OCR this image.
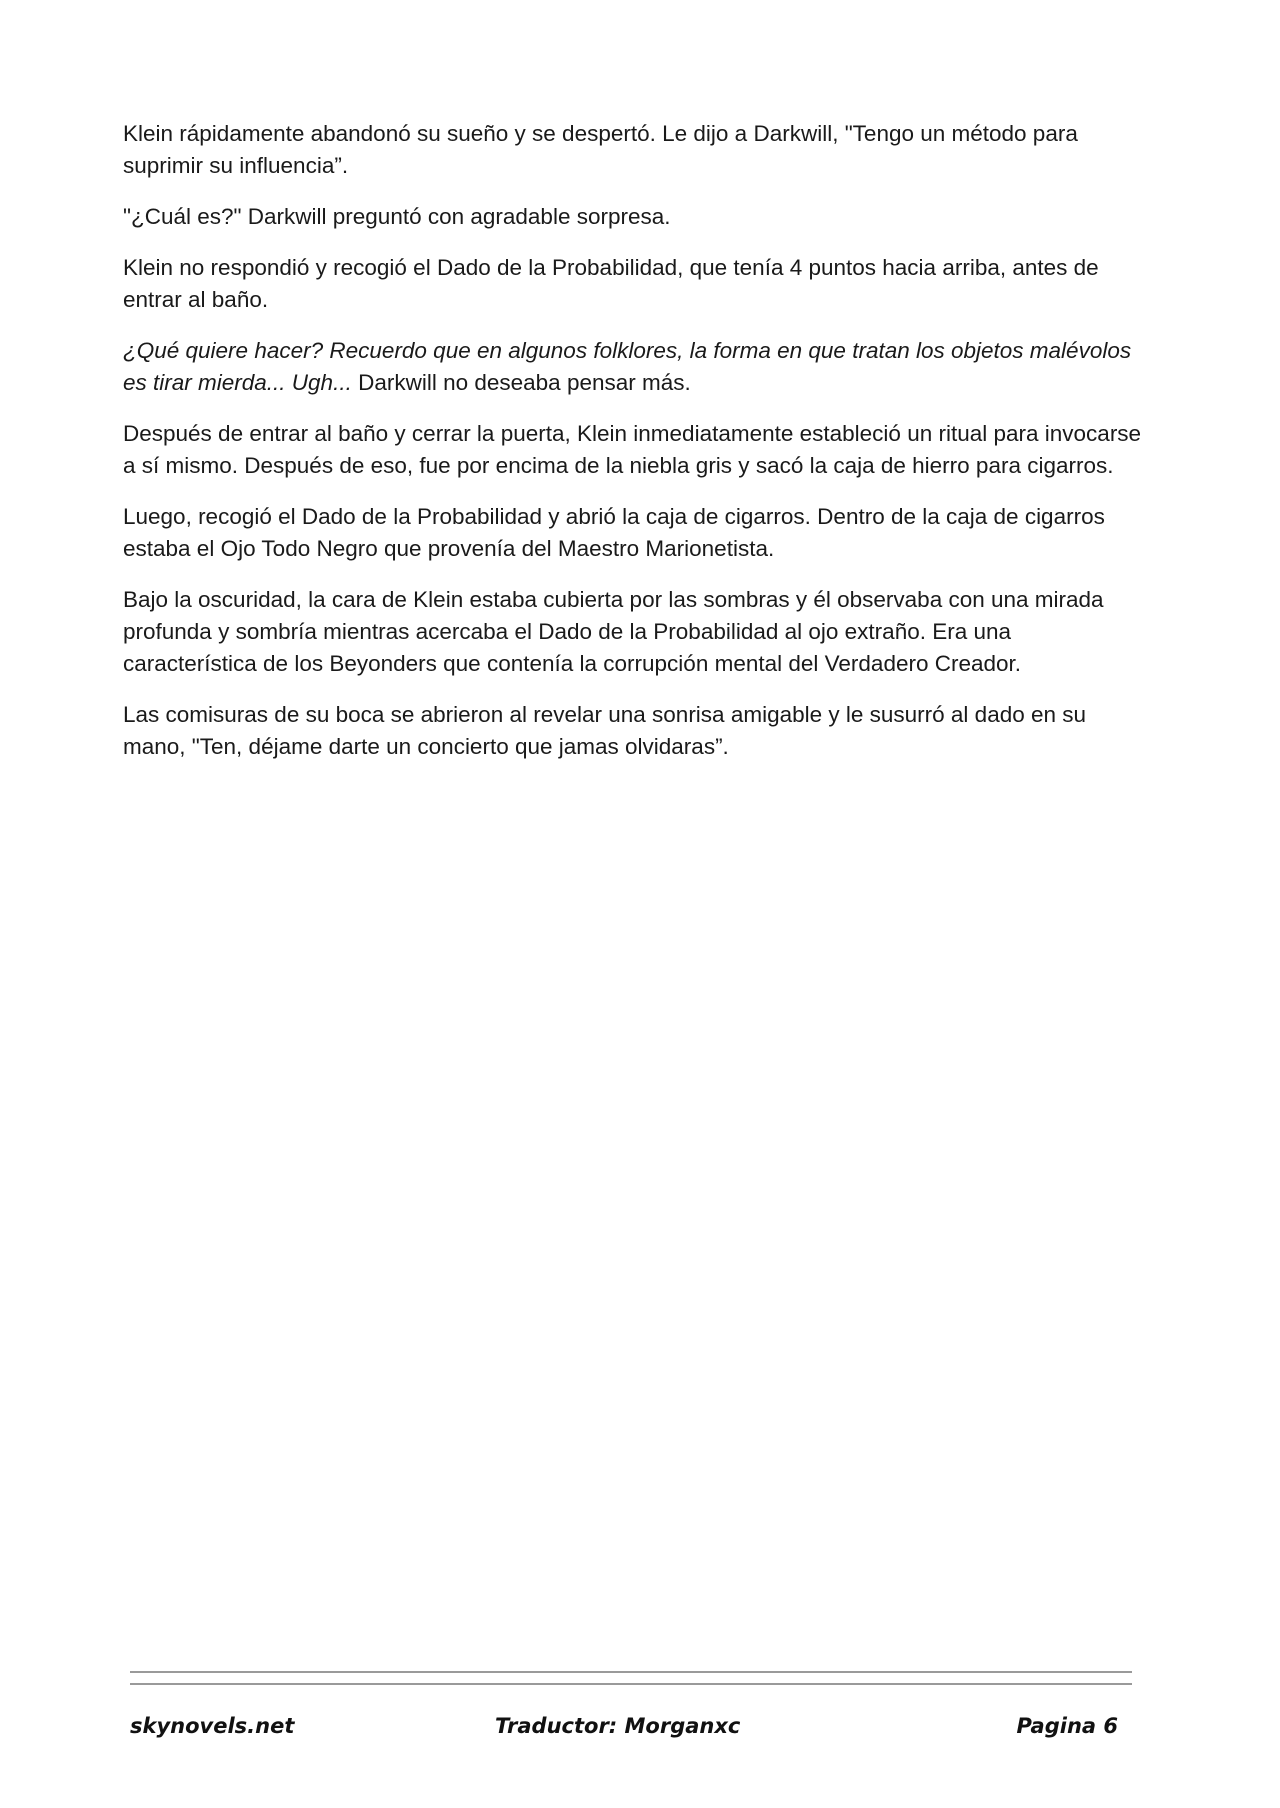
Klein rápidamente abandonó su sueño y se despertó. Le dijo a Darkwill, "Tengo un método para suprimir su influencia”.

"¿Cuál es?" Darkwill preguntó con agradable sorpresa.

Klein no respondió y recogió el Dado de la Probabilidad, que tenía 4 puntos hacia arriba, antes de entrar al baño.

¿Qué quiere hacer? Recuerdo que en algunos folklores, la forma en que tratan los objetos malévolos es tirar mierda... Ugh... Darkwill no deseaba pensar más.

Después de entrar al baño y cerrar la puerta, Klein inmediatamente estableció un ritual para invocarse a sí mismo. Después de eso, fue por encima de la niebla gris y sacó la caja de hierro para cigarros.

Luego, recogió el Dado de la Probabilidad y abrió la caja de cigarros. Dentro de la caja de cigarros estaba el Ojo Todo Negro que provenía del Maestro Marionetista.

Bajo la oscuridad, la cara de Klein estaba cubierta por las sombras y él observaba con una mirada profunda y sombría mientras acercaba el Dado de la Probabilidad al ojo extraño. Era una característica de los Beyonders que contenía la corrupción mental del Verdadero Creador.

Las comisuras de su boca se abrieron al revelar una sonrisa amigable y le susurró al dado en su mano, "Ten, déjame darte un concierto que jamas olvidaras”.

skynovels.net	Traductor: Morganxc	Pagina 6
